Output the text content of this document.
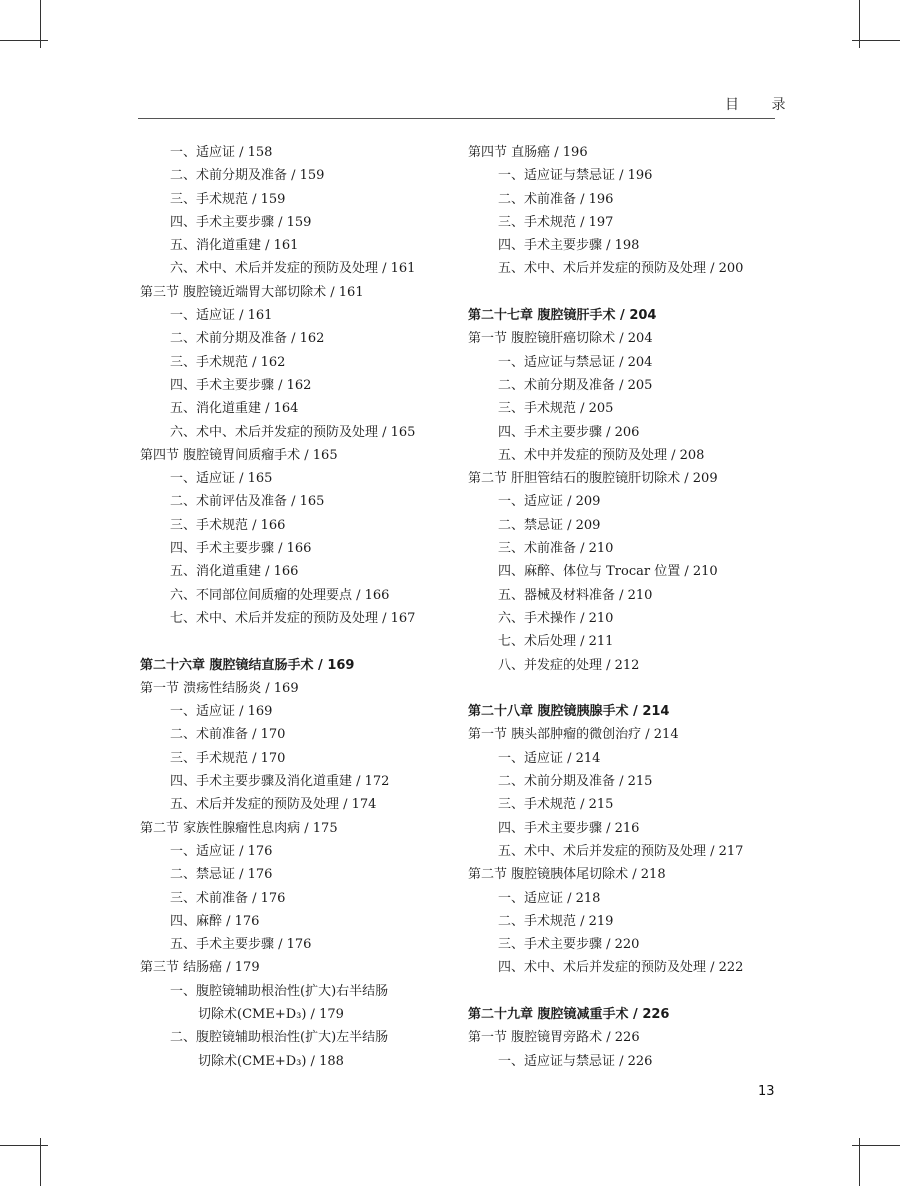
目 录
一、适应证 / 158
二、术前分期及准备 / 159
三、手术规范 / 159
四、手术主要步骤 / 159
五、消化道重建 / 161
六、术中、术后并发症的预防及处理 / 161
第三节 腹腔镜近端胃大部切除术 / 161
一、适应证 / 161
二、术前分期及准备 / 162
三、手术规范 / 162
四、手术主要步骤 / 162
五、消化道重建 / 164
六、术中、术后并发症的预防及处理 / 165
第四节 腹腔镜胃间质瘤手术 / 165
一、适应证 / 165
二、术前评估及准备 / 165
三、手术规范 / 166
四、手术主要步骤 / 166
五、消化道重建 / 166
六、不同部位间质瘤的处理要点 / 166
七、术中、术后并发症的预防及处理 / 167
第二十六章 腹腔镜结直肠手术 / 169
第一节 溃疡性结肠炎 / 169
一、适应证 / 169
二、术前准备 / 170
三、手术规范 / 170
四、手术主要步骤及消化道重建 / 172
五、术后并发症的预防及处理 / 174
第二节 家族性腺瘤性息肉病 / 175
一、适应证 / 176
二、禁忌证 / 176
三、术前准备 / 176
四、麻醉 / 176
五、手术主要步骤 / 176
第三节 结肠癌 / 179
一、腹腔镜辅助根治性(扩大)右半结肠
切除术(CME+D₃) / 179
二、腹腔镜辅助根治性(扩大)左半结肠
切除术(CME+D₃) / 188
第四节 直肠癌 / 196
一、适应证与禁忌证 / 196
二、术前准备 / 196
三、手术规范 / 197
四、手术主要步骤 / 198
五、术中、术后并发症的预防及处理 / 200
第二十七章 腹腔镜肝手术 / 204
第一节 腹腔镜肝癌切除术 / 204
一、适应证与禁忌证 / 204
二、术前分期及准备 / 205
三、手术规范 / 205
四、手术主要步骤 / 206
五、术中并发症的预防及处理 / 208
第二节 肝胆管结石的腹腔镜肝切除术 / 209
一、适应证 / 209
二、禁忌证 / 209
三、术前准备 / 210
四、麻醉、体位与 Trocar 位置 / 210
五、器械及材料准备 / 210
六、手术操作 / 210
七、术后处理 / 211
八、并发症的处理 / 212
第二十八章 腹腔镜胰腺手术 / 214
第一节 胰头部肿瘤的微创治疗 / 214
一、适应证 / 214
二、术前分期及准备 / 215
三、手术规范 / 215
四、手术主要步骤 / 216
五、术中、术后并发症的预防及处理 / 217
第二节 腹腔镜胰体尾切除术 / 218
一、适应证 / 218
二、手术规范 / 219
三、手术主要步骤 / 220
四、术中、术后并发症的预防及处理 / 222
第二十九章 腹腔镜减重手术 / 226
第一节 腹腔镜胃旁路术 / 226
一、适应证与禁忌证 / 226
13
